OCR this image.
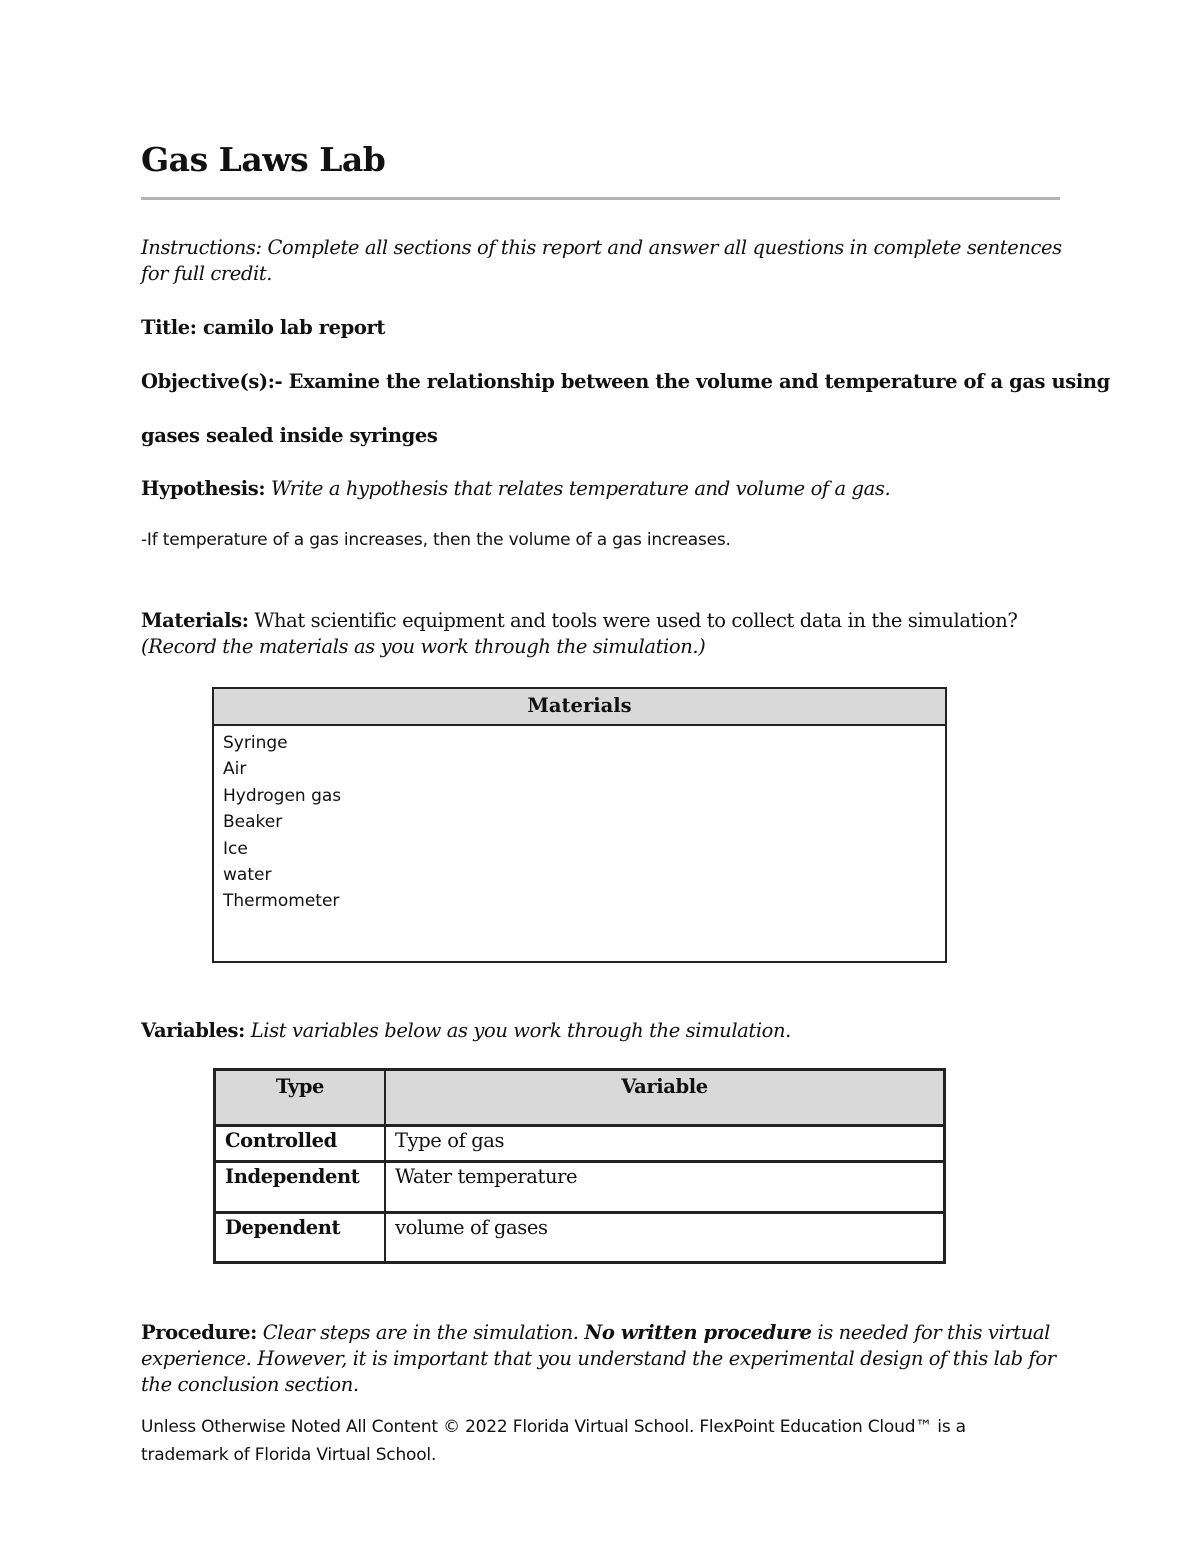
Gas Laws Lab
Instructions: Complete all sections of this report and answer all questions in complete sentences
for full credit.
Title: camilo lab report
Objective(s):- Examine the relationship between the volume and temperature of a gas using
gases sealed inside syringes
Hypothesis: Write a hypothesis that relates temperature and volume of a gas.
-If temperature of a gas increases, then the volume of a gas increases.
Materials: What scientific equipment and tools were used to collect data in the simulation?
(Record the materials as you work through the simulation.)
Materials
Syringe
Air
Hydrogen gas
Beaker
Ice
water
Thermometer
Variables: List variables below as you work through the simulation.
Type	Variable
Controlled	Type of gas
Independent	Water temperature
Dependent	volume of gases
Procedure: Clear steps are in the simulation. No written procedure is needed for this virtual
experience. However, it is important that you understand the experimental design of this lab for
the conclusion section.
Unless Otherwise Noted All Content © 2022 Florida Virtual School. FlexPoint Education Cloud™ is a
trademark of Florida Virtual School.
